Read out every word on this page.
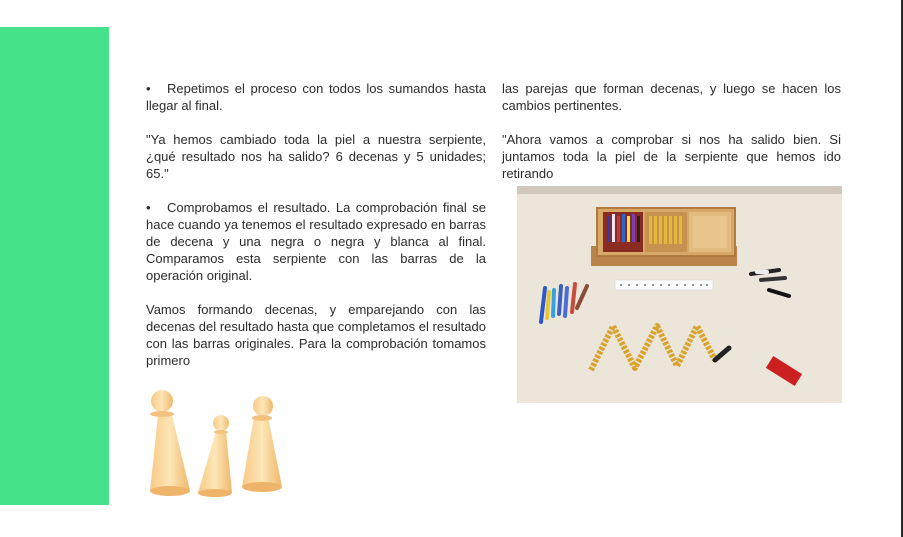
• Repetimos el proceso con todos los sumandos hasta llegar al final.

"Ya hemos cambiado toda la piel a nuestra serpiente, ¿qué resultado nos ha salido? 6 decenas y 5 unidades; 65."

• Comprobamos el resultado. La comprobación final se hace cuando ya tenemos el resultado expresado en barras de decena y una negra o negra y blanca al final. Comparamos esta serpiente con las barras de la operación original.

Vamos formando decenas, y emparejando con las decenas del resultado hasta que completamos el resultado con las barras originales. Para la comprobación tomamos primero

las parejas que forman decenas, y luego se hacen los cambios pertinentes.

"Ahora vamos a comprobar si nos ha salido bien. Si juntamos toda la piel de la serpiente que hemos ido retirando
